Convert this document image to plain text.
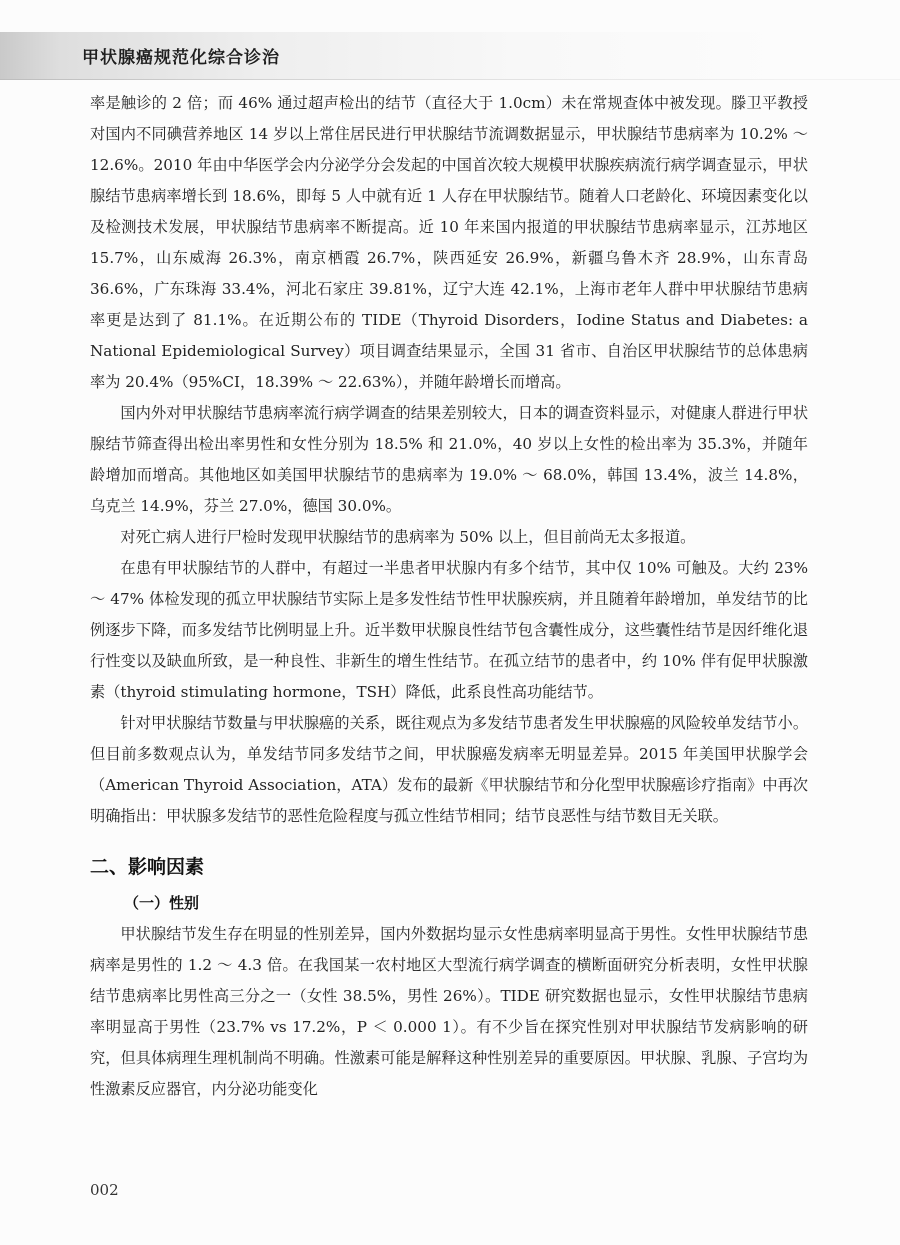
甲状腺癌规范化综合诊治

率是触诊的 2 倍；而 46% 通过超声检出的结节（直径大于 1.0cm）未在常规查体中被发现。滕卫平教授对国内不同碘营养地区 14 岁以上常住居民进行甲状腺结节流调数据显示，甲状腺结节患病率为 10.2% ～ 12.6%。2010 年由中华医学会内分泌学分会发起的中国首次较大规模甲状腺疾病流行病学调查显示，甲状腺结节患病率增长到 18.6%，即每 5 人中就有近 1 人存在甲状腺结节。随着人口老龄化、环境因素变化以及检测技术发展，甲状腺结节患病率不断提高。近 10 年来国内报道的甲状腺结节患病率显示，江苏地区 15.7%，山东威海 26.3%，南京栖霞 26.7%，陕西延安 26.9%，新疆乌鲁木齐 28.9%，山东青岛 36.6%，广东珠海 33.4%，河北石家庄 39.81%，辽宁大连 42.1%，上海市老年人群中甲状腺结节患病率更是达到了 81.1%。在近期公布的 TIDE（Thyroid Disorders，Iodine Status and Diabetes: a National Epidemiological Survey）项目调查结果显示，全国 31 省市、自治区甲状腺结节的总体患病率为 20.4%（95%CI，18.39% ～ 22.63%），并随年龄增长而增高。

国内外对甲状腺结节患病率流行病学调查的结果差别较大，日本的调查资料显示，对健康人群进行甲状腺结节筛查得出检出率男性和女性分别为 18.5% 和 21.0%，40 岁以上女性的检出率为 35.3%，并随年龄增加而增高。其他地区如美国甲状腺结节的患病率为 19.0% ～ 68.0%，韩国 13.4%，波兰 14.8%，乌克兰 14.9%，芬兰 27.0%，德国 30.0%。

对死亡病人进行尸检时发现甲状腺结节的患病率为 50% 以上，但目前尚无太多报道。

在患有甲状腺结节的人群中，有超过一半患者甲状腺内有多个结节，其中仅 10% 可触及。大约 23% ～ 47% 体检发现的孤立甲状腺结节实际上是多发性结节性甲状腺疾病，并且随着年龄增加，单发结节的比例逐步下降，而多发结节比例明显上升。近半数甲状腺良性结节包含囊性成分，这些囊性结节是因纤维化退行性变以及缺血所致，是一种良性、非新生的增生性结节。在孤立结节的患者中，约 10% 伴有促甲状腺激素（thyroid stimulating hormone，TSH）降低，此系良性高功能结节。

针对甲状腺结节数量与甲状腺癌的关系，既往观点为多发结节患者发生甲状腺癌的风险较单发结节小。但目前多数观点认为，单发结节同多发结节之间，甲状腺癌发病率无明显差异。2015 年美国甲状腺学会（American Thyroid Association，ATA）发布的最新《甲状腺结节和分化型甲状腺癌诊疗指南》中再次明确指出：甲状腺多发结节的恶性危险程度与孤立性结节相同；结节良恶性与结节数目无关联。

二、影响因素
（一）性别

甲状腺结节发生存在明显的性别差异，国内外数据均显示女性患病率明显高于男性。女性甲状腺结节患病率是男性的 1.2 ～ 4.3 倍。在我国某一农村地区大型流行病学调查的横断面研究分析表明，女性甲状腺结节患病率比男性高三分之一（女性 38.5%，男性 26%）。TIDE 研究数据也显示，女性甲状腺结节患病率明显高于男性（23.7% vs 17.2%，P ＜ 0.000 1）。有不少旨在探究性别对甲状腺结节发病影响的研究，但具体病理生理机制尚不明确。性激素可能是解释这种性别差异的重要原因。甲状腺、乳腺、子宫均为性激素反应器官，内分泌功能变化

002
